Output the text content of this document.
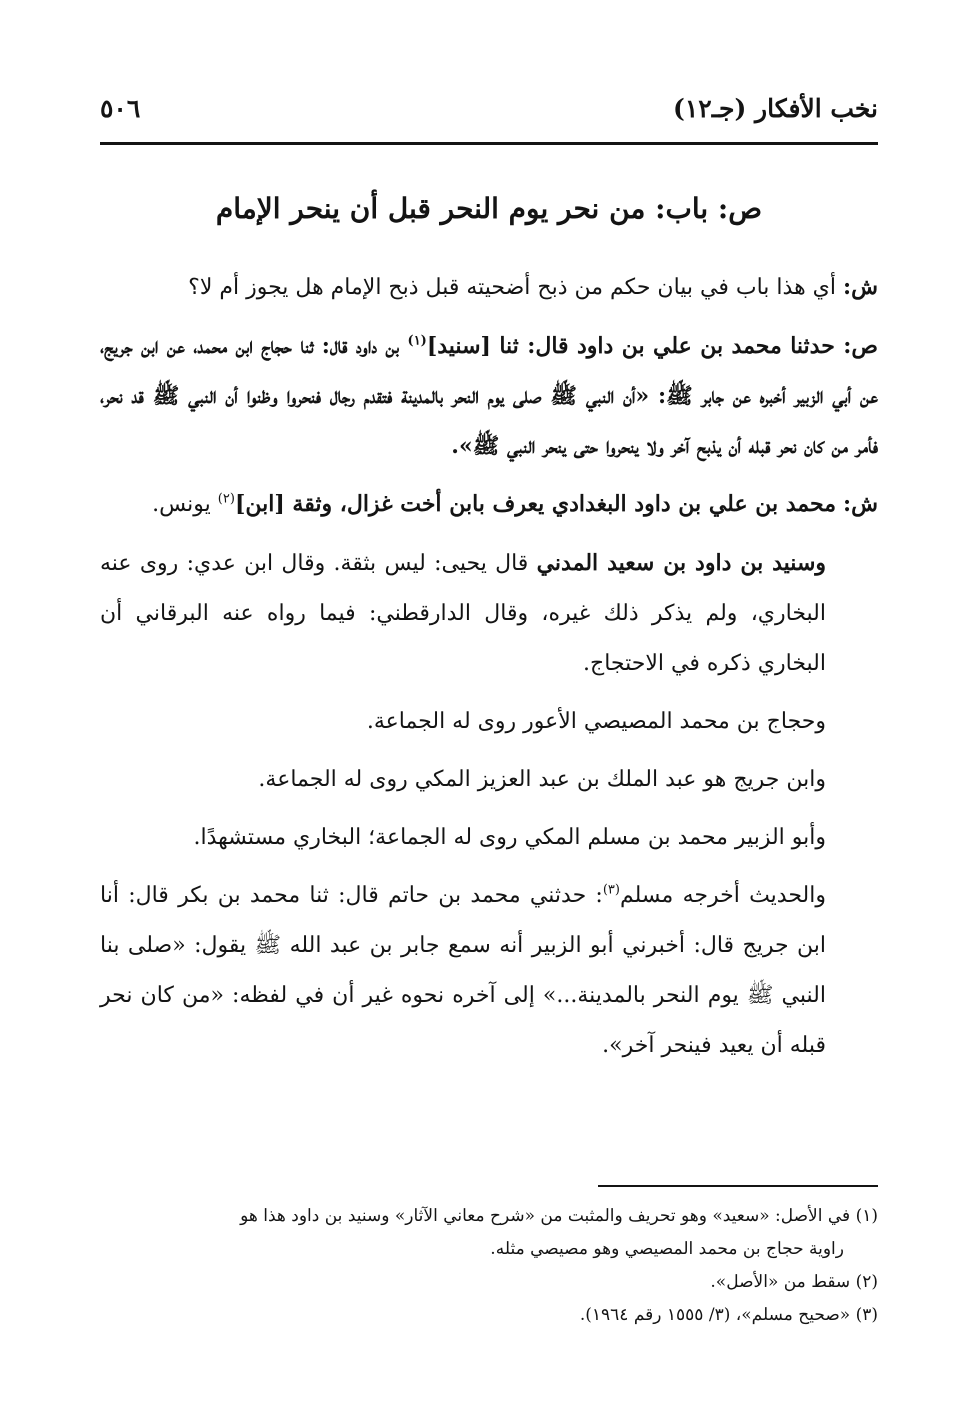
نخب الأفكار (جـ١٢)
٥٠٦
ص: باب: من نحر يوم النحر قبل أن ينحر الإمام

ش: أي هذا باب في بيان حكم من ذبح أضحيته قبل ذبح الإمام هل يجوز أم لا؟

ص: حدثنا محمد بن علي بن داود قال: ثنا [سنيد]$^{(١)}$ بن داود قال: ثنا حجاج ابن محمد، عن ابن جريج، عن أبي الزبير أخبره عن جابر ﷺ: «أن النبي ﷺ صلى يوم النحر بالمدينة فتقدم رجال فنحروا وظنوا أن النبي ﷺ قد نحر، فأمر من كان نحر قبله أن يذبح آخر ولا ينحروا حتى ينحر النبي ﷺ».

ش: محمد بن علي بن داود البغدادي يعرف بابن أخت غزال، وثقة [ابن]$^{(٢)}$ يونس.

وسنيد بن داود بن سعيد المدني قال يحيى: ليس بثقة. وقال ابن عدي: روى عنه البخاري، ولم يذكر ذلك غيره، وقال الدارقطني: فيما رواه عنه البرقاني أن البخاري ذكره في الاحتجاج.

وحجاج بن محمد المصيصي الأعور روى له الجماعة.

وابن جريج هو عبد الملك بن عبد العزيز المكي روى له الجماعة.

وأبو الزبير محمد بن مسلم المكي روى له الجماعة؛ البخاري مستشهدًا.

والحديث أخرجه مسلم$^{(٣)}$: حدثني محمد بن حاتم قال: ثنا محمد بن بكر قال: أنا ابن جريج قال: أخبرني أبو الزبير أنه سمع جابر بن عبد الله ﷺ يقول: «صلى بنا النبي ﷺ يوم النحر بالمدينة...» إلى آخره نحوه غير أن في لفظه: «من كان نحر قبله أن يعيد فينحر آخر».

(١) في الأصل: «سعيد» وهو تحريف والمثبت من «شرح معاني الآثار» وسنيد بن داود هذا هو

راوية حجاج بن محمد المصيصي وهو مصيصي مثله.

(٢) سقط من «الأصل».

(٣) «صحيح مسلم»، (٣/ ١٥٥٥ رقم ١٩٦٤).
